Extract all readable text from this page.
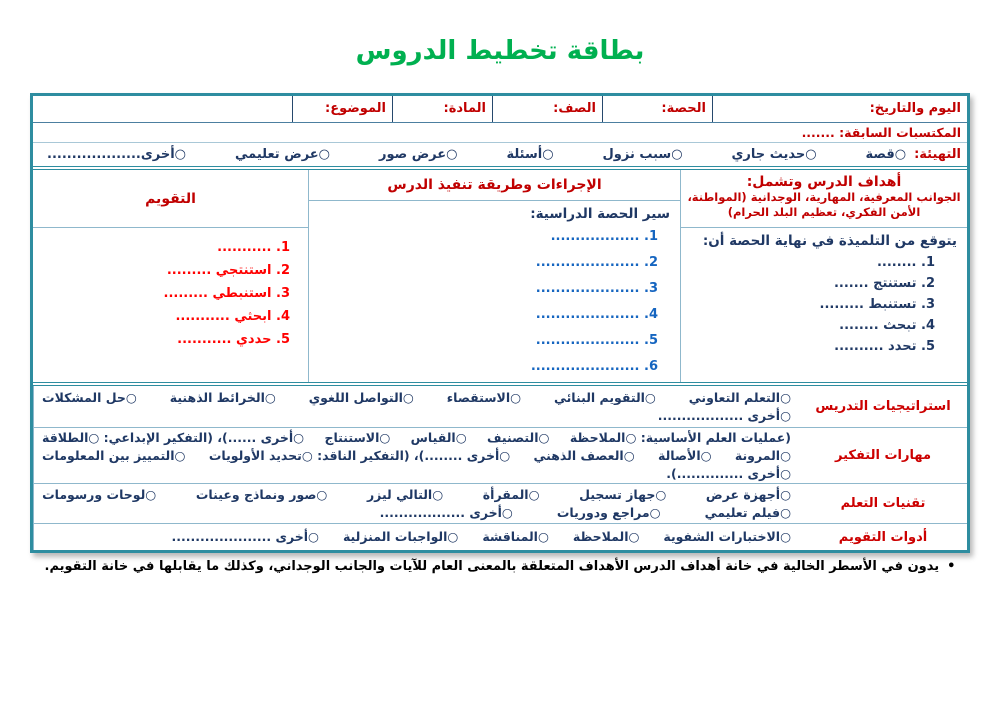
بطاقة تخطيط الدروس
اليوم والتاريخ:
الحصة:
الصف:
المادة:
الموضوع:
المكتسبات السابقة: .......
التهيئة:
○قصة
○حديث جاري
○سبب نزول
○أسئلة
○عرض صور
○عرض تعليمي
○أخرى...................
أهداف الدرس وتشمل:
الجوانب المعرفية، المهارية، الوجدانية (المواطنة، الأمن الفكري، تعظيم البلد الحرام)
يتوقع من التلميذة في نهاية الحصة أن:
1. ........
2. تستنتج .......
3. تستنبط .........
4. تبحث ........
5. تحدد ..........
الإجراءات وطريقة تنفيذ الدرس
سير الحصة الدراسية:
1. ..................
2. .....................
3. .....................
4. .....................
5. .....................
6. ......................
التقويم
1. ...........
2. استنتجي .........
3. استنبطي .........
4. ابحثي ...........
5. حددي ...........
استراتيجيات التدريس
○التعلم التعاوني
○التقويم البنائي
○الاستقصاء
○التواصل اللغوي
○الخرائط الذهنية
○حل المشكلات
○أخرى ..................
مهارات التفكير
(عمليات العلم الأساسية: ○الملاحظة
○التصنيف
○القياس
○الاستنتاج
○أخرى ......)، (التفكير الإبداعي: ○الطلاقة
○المرونة
○الأصالة
○العصف الذهني
○أخرى ........)، (التفكير الناقد: ○تحديد الأولويات
○التمييز بين المعلومات
○أخرى ..............).
تقنيات التعلم
○أجهزة عرض
○جهاز تسجيل
○المقرأة
○التالي ليزر
○صور ونماذج وعينات
○لوحات ورسومات
○فيلم تعليمي
○مراجع ودوريات
○أخرى ..................
أدوات التقويم
○الاختبارات الشفوية
○الملاحظة
○المناقشة
○الواجبات المنزلية
○أخرى .....................
•يدون في الأسطر الخالية في خانة أهداف الدرس الأهداف المتعلقة بالمعنى العام للآيات والجانب الوجداني، وكذلك ما يقابلها في خانة التقويم.
